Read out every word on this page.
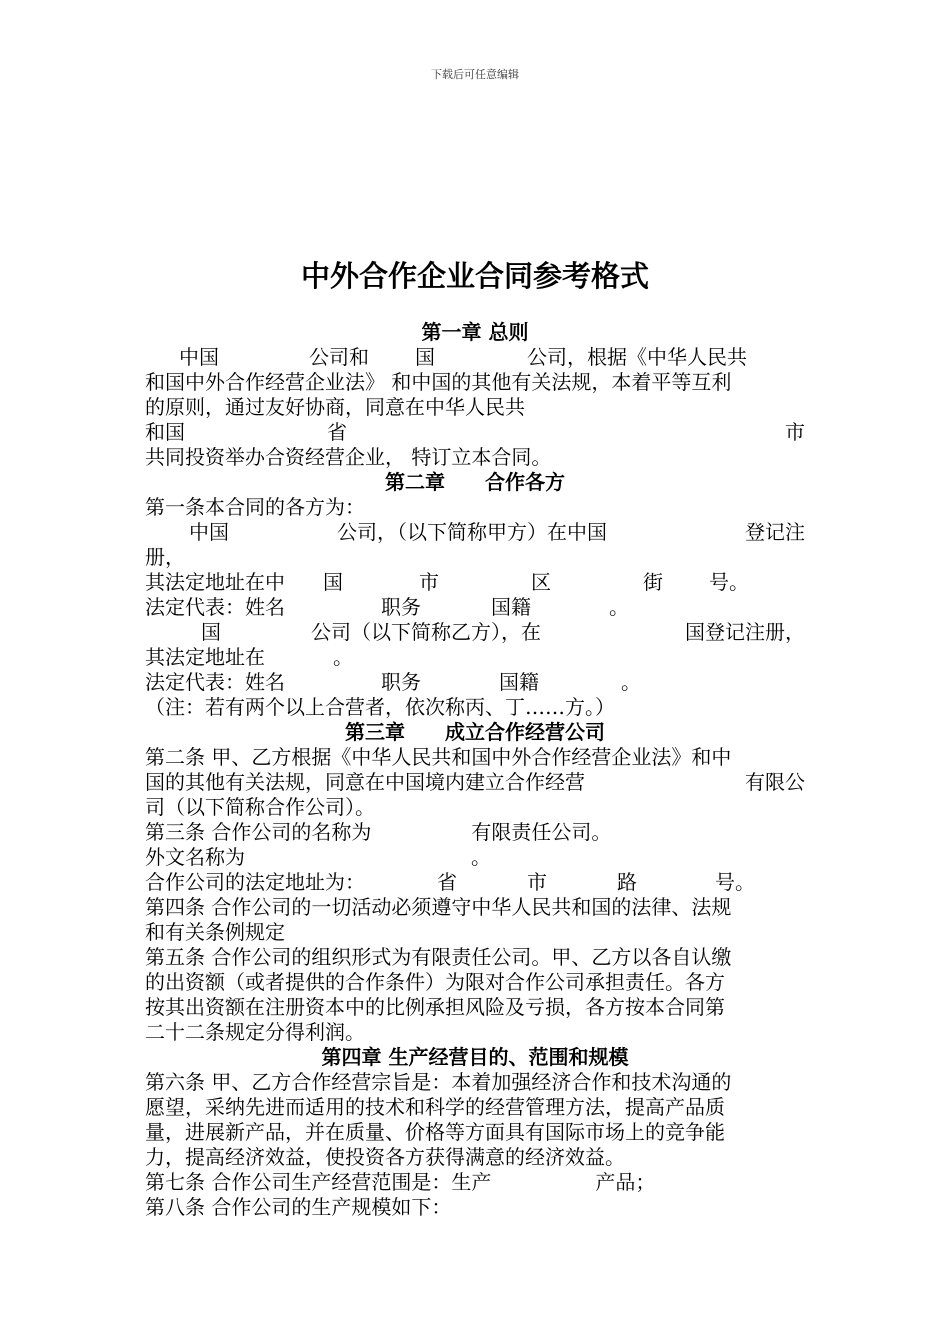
下载后可任意编辑
中外合作企业合同参考格式

第一章 总则

中国	公司和 国	公司，根据《中华人民共

和国中外合作经营企业法》 和中国的其他有关法规，本着平等互利

的原则，通过友好协商，同意在中华人民共

和国	省	市

共同投资举办合资经营企业， 特订立本合同。

第二章　　合作各方

第一条本合同的各方为：

中国	公司，（以下简称甲方）在中国	登记注

册，

其法定地址在中 国	市	区	街 号。

法定代表：姓名	职务	国籍	。

国	公司（以下简称乙方），在	国登记注册，

其法定地址在	。

法定代表：姓名	职务	国籍	。

（注：若有两个以上合营者，依次称丙、丁……方。）

第三章　　成立合作经营公司

第二条 甲、乙方根据《中华人民共和国中外合作经营企业法》和中

国的其他有关法规，同意在中国境内建立合作经营	有限公

司（以下简称合作公司）。

第三条 合作公司的名称为	有限责任公司。

外文名称为	。

合作公司的法定地址为：	省	市	路	号。

第四条 合作公司的一切活动必须遵守中华人民共和国的法律、法规

和有关条例规定

第五条 合作公司的组织形式为有限责任公司。甲、乙方以各自认缴

的出资额（或者提供的合作条件）为限对合作公司承担责任。各方

按其出资额在注册资本中的比例承担风险及亏损，各方按本合同第

二十二条规定分得利润。

第四章 生产经营目的、范围和规模

第六条 甲、乙方合作经营宗旨是：本着加强经济合作和技术沟通的

愿望，采纳先进而适用的技术和科学的经营管理方法，提高产品质

量，进展新产品，并在质量、价格等方面具有国际市场上的竞争能

力，提高经济效益，使投资各方获得满意的经济效益。

第七条 合作公司生产经营范围是：生产	产品；

第八条 合作公司的生产规模如下：
